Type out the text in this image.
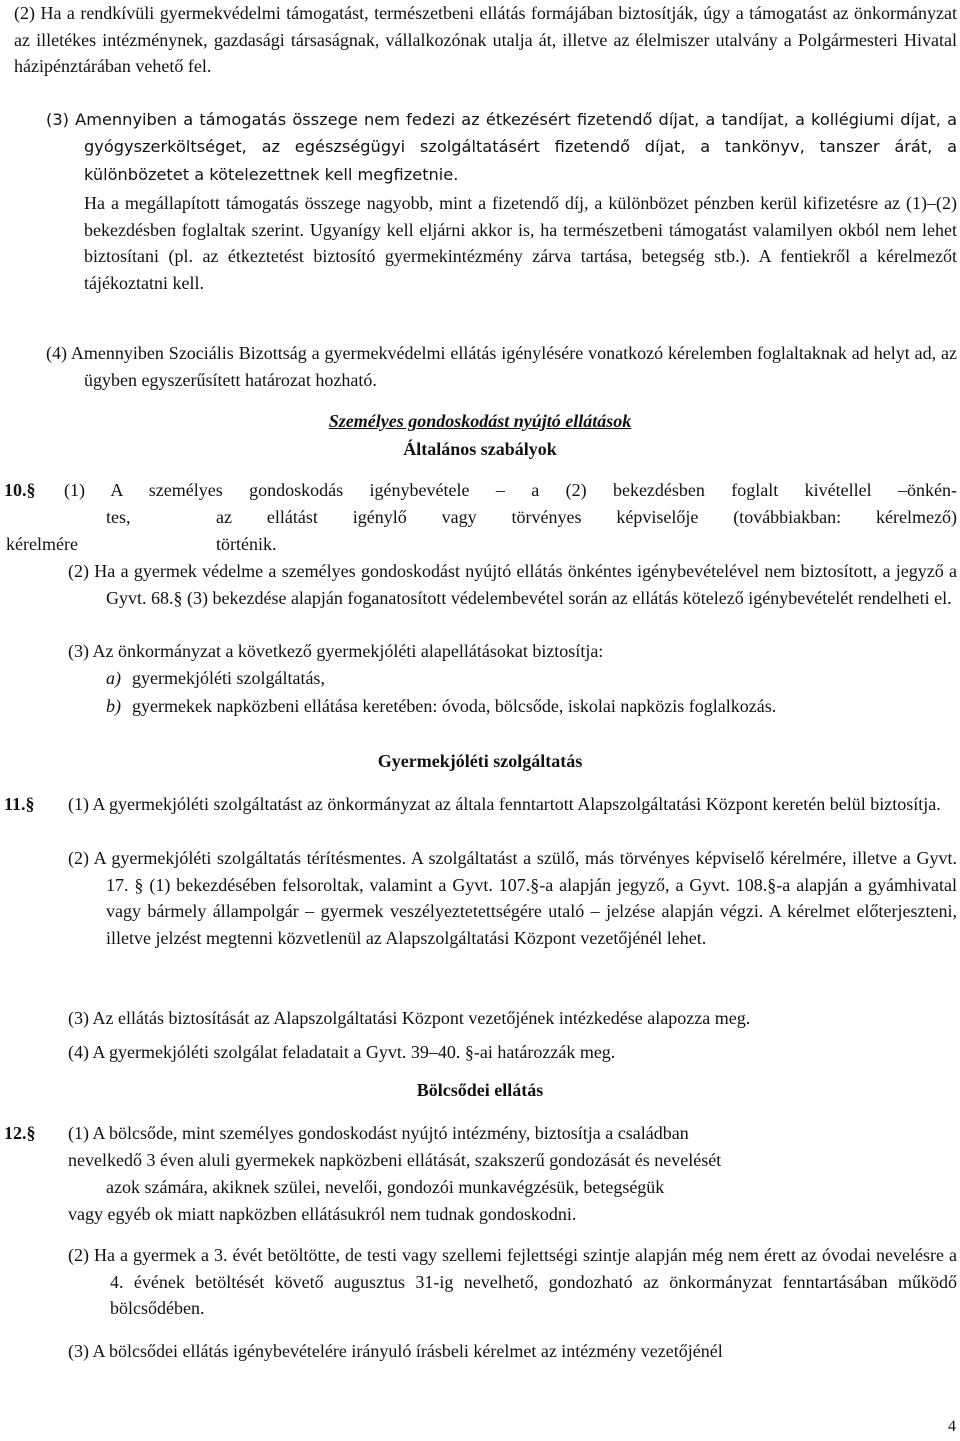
(2) Ha a rendkívüli gyermekvédelmi támogatást, természetbeni ellátás formájában biztosítják, úgy a támogatást az önkormányzat az illetékes intézménynek, gazdasági társaságnak, vállalkozónak utalja át, illetve az élelmiszer utalvány a Polgármesteri Hivatal házipénztárában vehető fel.
(3) Amennyiben a támogatás összege nem fedezi az étkezésért fizetendő díjat, a tandíjat, a kollégiumi díjat, a gyógyszerköltséget, az egészségügyi szolgáltatásért fizetendő díjat, a tankönyv, tanszer árát, a különbözetet a kötelezettnek kell megfizetnie.
Ha a megállapított támogatás összege nagyobb, mint a fizetendő díj, a különbözet pénzben kerül kifizetésre az (1)–(2) bekezdésben foglaltak szerint. Ugyanígy kell eljárni akkor is, ha természetbeni támogatást valamilyen okból nem lehet biztosítani (pl. az étkeztetést biztosító gyermekintézmény zárva tartása, betegség stb.). A fentiekről a kérelmezőt tájékoztatni kell.
(4) Amennyiben Szociális Bizottság a gyermekvédelmi ellátás igénylésére vonatkozó kérelemben foglaltaknak ad helyt ad, az ügyben egyszerűsített határozat hozható.
Személyes gondoskodást nyújtó ellátások
Általános szabályok
10.§ (1) A személyes gondoskodás igénybevétele – a (2) bekezdésben foglalt kivétellel –önkén-
tes,	az ellátást igénylő vagy törvényes képviselője (továbbiakban: kérelmező)
kérelmére	történik.
(2) Ha a gyermek védelme a személyes gondoskodást nyújtó ellátás önkéntes igénybevételével nem biztosított, a jegyző a Gyvt. 68.§ (3) bekezdése alapján foganatosított védelembevétel során az ellátás kötelező igénybevételét rendelheti el.
(3) Az önkormányzat a következő gyermekjóléti alapellátásokat biztosítja:
a) gyermekjóléti szolgáltatás,
b) gyermekek napközbeni ellátása keretében: óvoda, bölcsőde, iskolai napközis foglalkozás.
Gyermekjóléti szolgáltatás
11.§ (1) A gyermekjóléti szolgáltatást az önkormányzat az általa fenntartott Alapszolgáltatási Központ keretén belül biztosítja.
(2) A gyermekjóléti szolgáltatás térítésmentes. A szolgáltatást a szülő, más törvényes képviselő kérelmére, illetve a Gyvt. 17. § (1) bekezdésében felsoroltak, valamint a Gyvt. 107.§-a alapján jegyző, a Gyvt. 108.§-a alapján a gyámhivatal vagy bármely állampolgár – gyermek veszélyeztetettségére utaló – jelzése alapján végzi. A kérelmet előterjeszteni, illetve jelzést megtenni közvetlenül az Alapszolgáltatási Központ vezetőjénél lehet.
(3) Az ellátás biztosítását az Alapszolgáltatási Központ vezetőjének intézkedése alapozza meg.
(4) A gyermekjóléti szolgálat feladatait a Gyvt. 39–40. §-ai határozzák meg.
Bölcsődei ellátás
12.§ (1) A bölcsőde, mint személyes gondoskodást nyújtó intézmény, biztosítja a családban
nevelkedő 3 éven aluli gyermekek napközbeni ellátását, szakszerű gondozását és nevelését
azok számára, akiknek szülei, nevelői, gondozói munkavégzésük, betegségük
vagy egyéb ok miatt napközben ellátásukról nem tudnak gondoskodni.
(2) Ha a gyermek a 3. évét betöltötte, de testi vagy szellemi fejlettségi szintje alapján még nem érett az óvodai nevelésre a 4. évének betöltését követő augusztus 31-ig nevelhető, gondozható az önkormányzat fenntartásában működő bölcsődében.
(3) A bölcsődei ellátás igénybevételére irányuló írásbeli kérelmet az intézmény vezetőjénél
4
